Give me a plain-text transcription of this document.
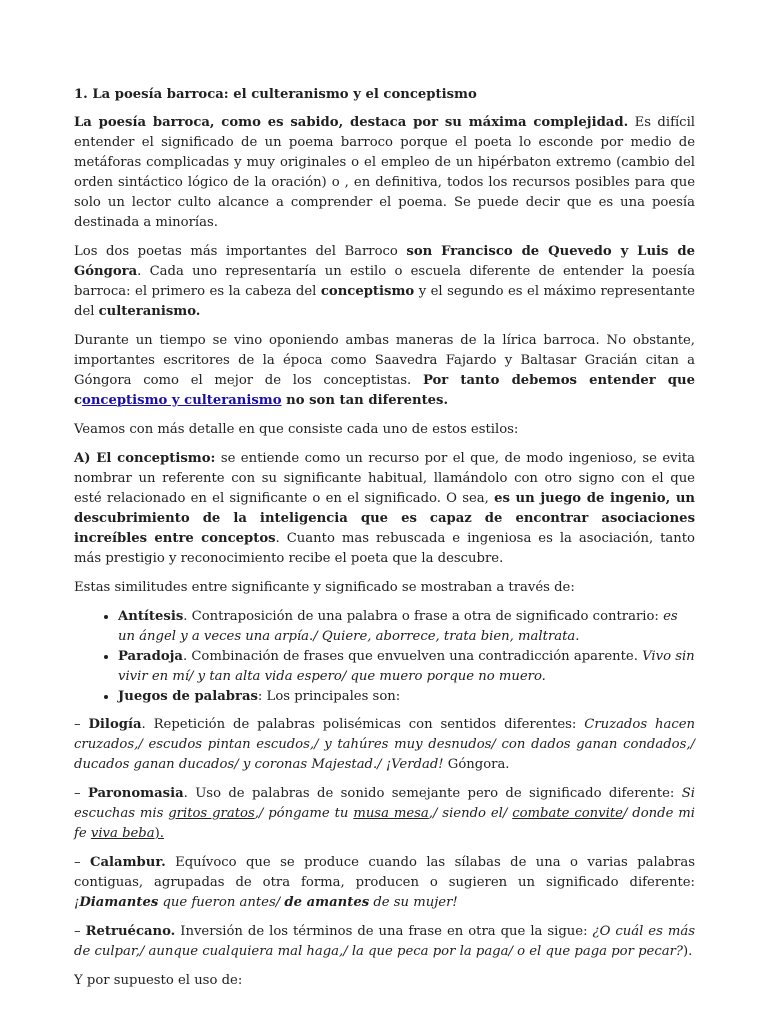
1. La poesía barroca: el culteranismo y el conceptismo

La poesía barroca, como es sabido, destaca por su máxima complejidad. Es difícil entender el significado de un poema barroco porque el poeta lo esconde por medio de metáforas complicadas y muy originales o el empleo de un hipérbaton extremo (cambio del orden sintáctico lógico de la oración) o , en definitiva, todos los recursos posibles para que solo un lector culto alcance a comprender el poema. Se puede decir que es una poesía destinada a minorías.

Los dos poetas más importantes del Barroco son Francisco de Quevedo y Luis de Góngora. Cada uno representaría un estilo o escuela diferente de entender la poesía barroca: el primero es la cabeza del conceptismo y el segundo es el máximo representante del culteranismo.

Durante un tiempo se vino oponiendo ambas maneras de la lírica barroca. No obstante, importantes escritores de la época como Saavedra Fajardo y Baltasar Gracián citan a Góngora como el mejor de los conceptistas. Por tanto debemos entender que conceptismo y culteranismo no son tan diferentes.

Veamos con más detalle en que consiste cada uno de estos estilos:

A) El conceptismo: se entiende como un recurso por el que, de modo ingenioso, se evita nombrar un referente con su significante habitual, llamándolo con otro signo con el que esté relacionado en el significante o en el significado. O sea, es un juego de ingenio, un descubrimiento de la inteligencia que es capaz de encontrar asociaciones increíbles entre conceptos. Cuanto mas rebuscada e ingeniosa es la asociación, tanto más prestigio y reconocimiento recibe el poeta que la descubre.

Estas similitudes entre significante y significado se mostraban a través de:

• Antítesis. Contraposición de una palabra o frase a otra de significado contrario: es un ángel y a veces una arpía./ Quiere, aborrece, trata bien, maltrata.
• Paradoja. Combinación de frases que envuelven una contradicción aparente. Vivo sin vivir en mí/ y tan alta vida espero/ que muero porque no muero.
• Juegos de palabras: Los principales son:

– Dilogía. Repetición de palabras polisémicas con sentidos diferentes: Cruzados hacen cruzados,/ escudos pintan escudos,/ y tahúres muy desnudos/ con dados ganan condados,/ ducados ganan ducados/ y coronas Majestad./ ¡Verdad! Góngora.

– Paronomasia. Uso de palabras de sonido semejante pero de significado diferente: Si escuchas mis gritos gratos,/ póngame tu musa mesa,/ siendo el/ combate convite/ donde mi fe viva beba).

– Calambur. Equívoco que se produce cuando las sílabas de una o varias palabras contiguas, agrupadas de otra forma, producen o sugieren un significado diferente: ¡Diamantes que fueron antes/ de amantes de su mujer!

– Retruécano. Inversión de los términos de una frase en otra que la sigue: ¿O cuál es más de culpar,/ aunque cualquiera mal haga,/ la que peca por la paga/ o el que paga por pecar?).

Y por supuesto el uso de:
